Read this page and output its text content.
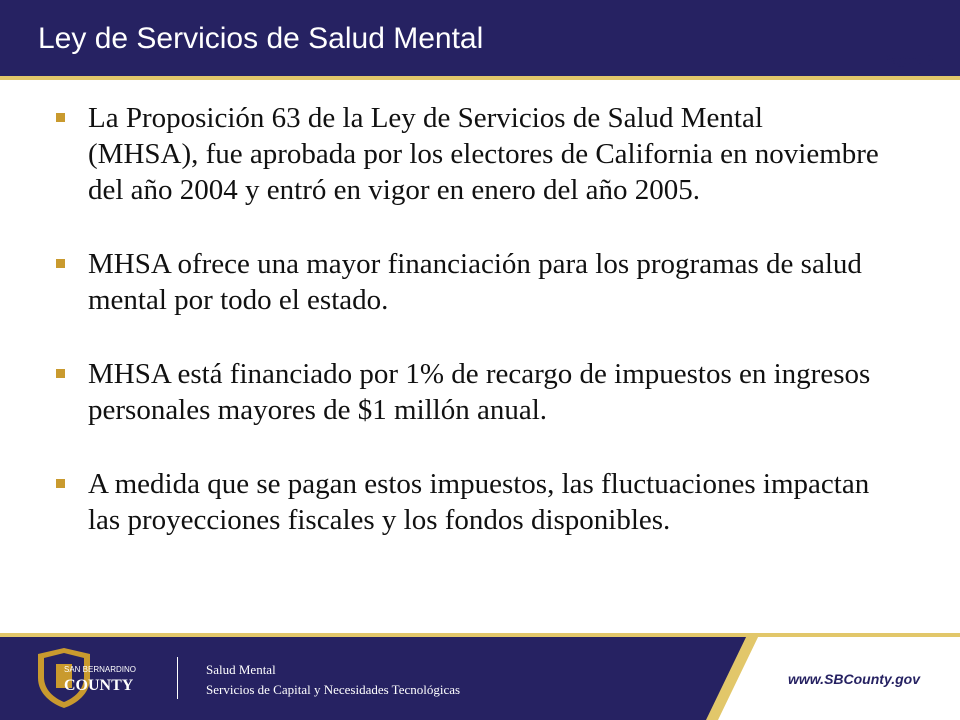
Ley de Servicios de Salud Mental
Página 2

La Proposición 63 de la Ley de Servicios de Salud Mental (MHSA), fue aprobada por los electores de California en noviembre del año 2004 y entró en vigor en enero del año 2005.

MHSA ofrece una mayor financiación para los programas de salud mental por todo el estado.

MHSA está financiado por 1% de recargo de impuestos en ingresos personales mayores de $1 millón anual.

A medida que se pagan estos impuestos, las fluctuaciones impactan las proyecciones fiscales y los fondos disponibles.

SAN BERNARDINO
COUNTY
Salud Mental
Servicios de Capital y Necesidades Tecnológicas
www.SBCounty.gov
